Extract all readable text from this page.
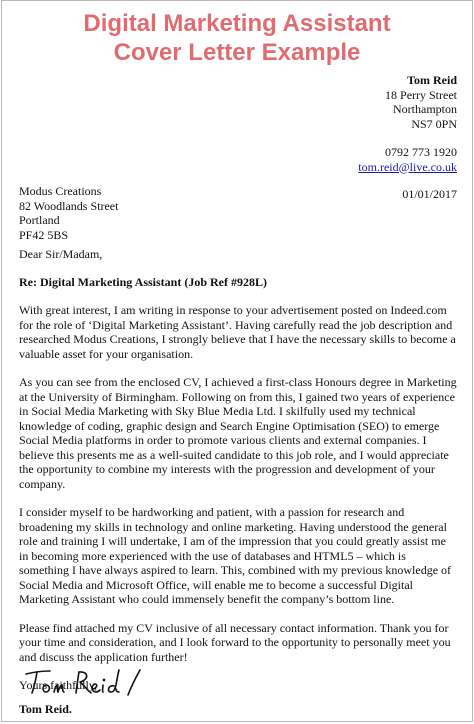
Digital Marketing Assistant
Cover Letter Example
Tom Reid
18 Perry Street
Northampton
NS7 0PN
0792 773 1920
tom.reid@live.co.uk
01/01/2017
Modus Creations
82 Woodlands Street
Portland
PF42 5BS

Dear Sir/Madam,

Re: Digital Marketing Assistant (Job Ref #928L)

With great interest, I am writing in response to your advertisement posted on Indeed.com for the role of ‘Digital Marketing Assistant’. Having carefully read the job description and researched Modus Creations, I strongly believe that I have the necessary skills to become a valuable asset for your organisation.

As you can see from the enclosed CV, I achieved a first-class Honours degree in Marketing at the University of Birmingham. Following on from this, I gained two years of experience in Social Media Marketing with Sky Blue Media Ltd. I skilfully used my technical knowledge of coding, graphic design and Search Engine Optimisation (SEO) to emerge Social Media platforms in order to promote various clients and external companies. I believe this presents me as a well-suited candidate to this job role, and I would appreciate the opportunity to combine my interests with the progression and development of your company.

I consider myself to be hardworking and patient, with a passion for research and broadening my skills in technology and online marketing. Having understood the general role and training I will undertake, I am of the impression that you could greatly assist me in becoming more experienced with the use of databases and HTML5 – which is something I have always aspired to learn. This, combined with my previous knowledge of Social Media and Microsoft Office, will enable me to become a successful Digital Marketing Assistant who could immensely benefit the company’s bottom line.

Please find attached my CV inclusive of all necessary contact information. Thank you for your time and consideration, and I look forward to the opportunity to personally meet you and discuss the application further!

Yours faithfully,

Tom Reid.
